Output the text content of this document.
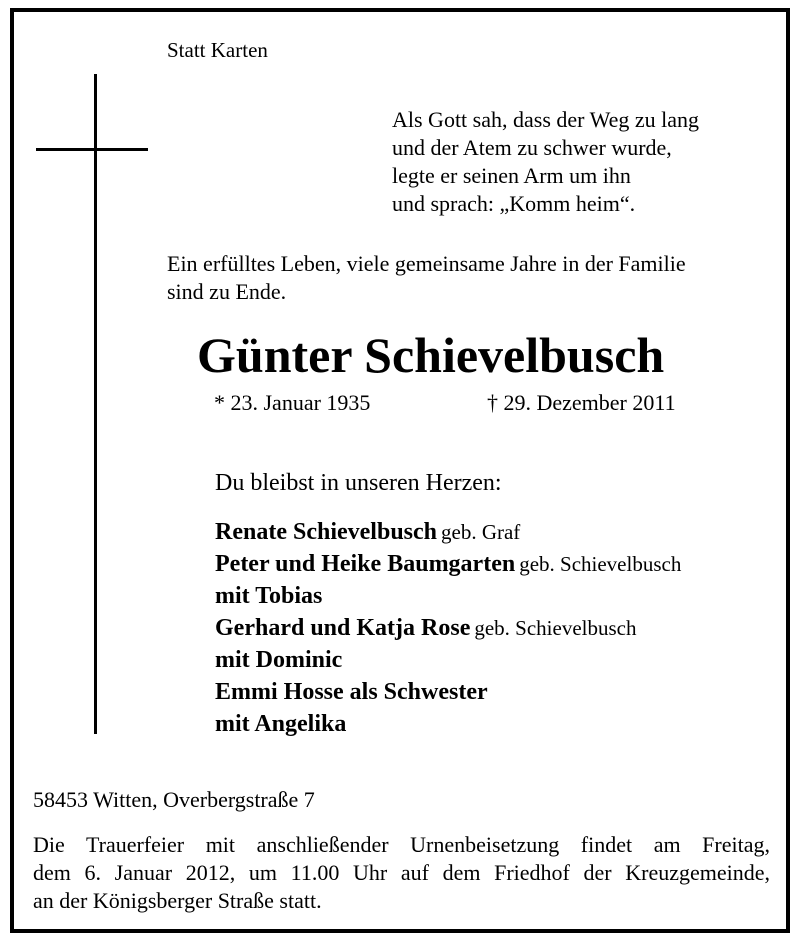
Statt Karten
Als Gott sah, dass der Weg zu lang
und der Atem zu schwer wurde,
legte er seinen Arm um ihn
und sprach: „Komm heim“.
Ein erfülltes Leben, viele gemeinsame Jahre in der Familie
sind zu Ende.
Günter Schievelbusch
* 23. Januar 1935	† 29. Dezember 2011
Du bleibst in unseren Herzen:
Renate Schievelbusch geb. Graf
Peter und Heike Baumgarten geb. Schievelbusch
mit Tobias
Gerhard und Katja Rose geb. Schievelbusch
mit Dominic
Emmi Hosse als Schwester
mit Angelika
58453 Witten, Overbergstraße 7
Die Trauerfeier mit anschließender Urnenbeisetzung findet am Freitag,
dem 6. Januar 2012, um 11.00 Uhr auf dem Friedhof der Kreuzgemeinde,
an der Königsberger Straße statt.
